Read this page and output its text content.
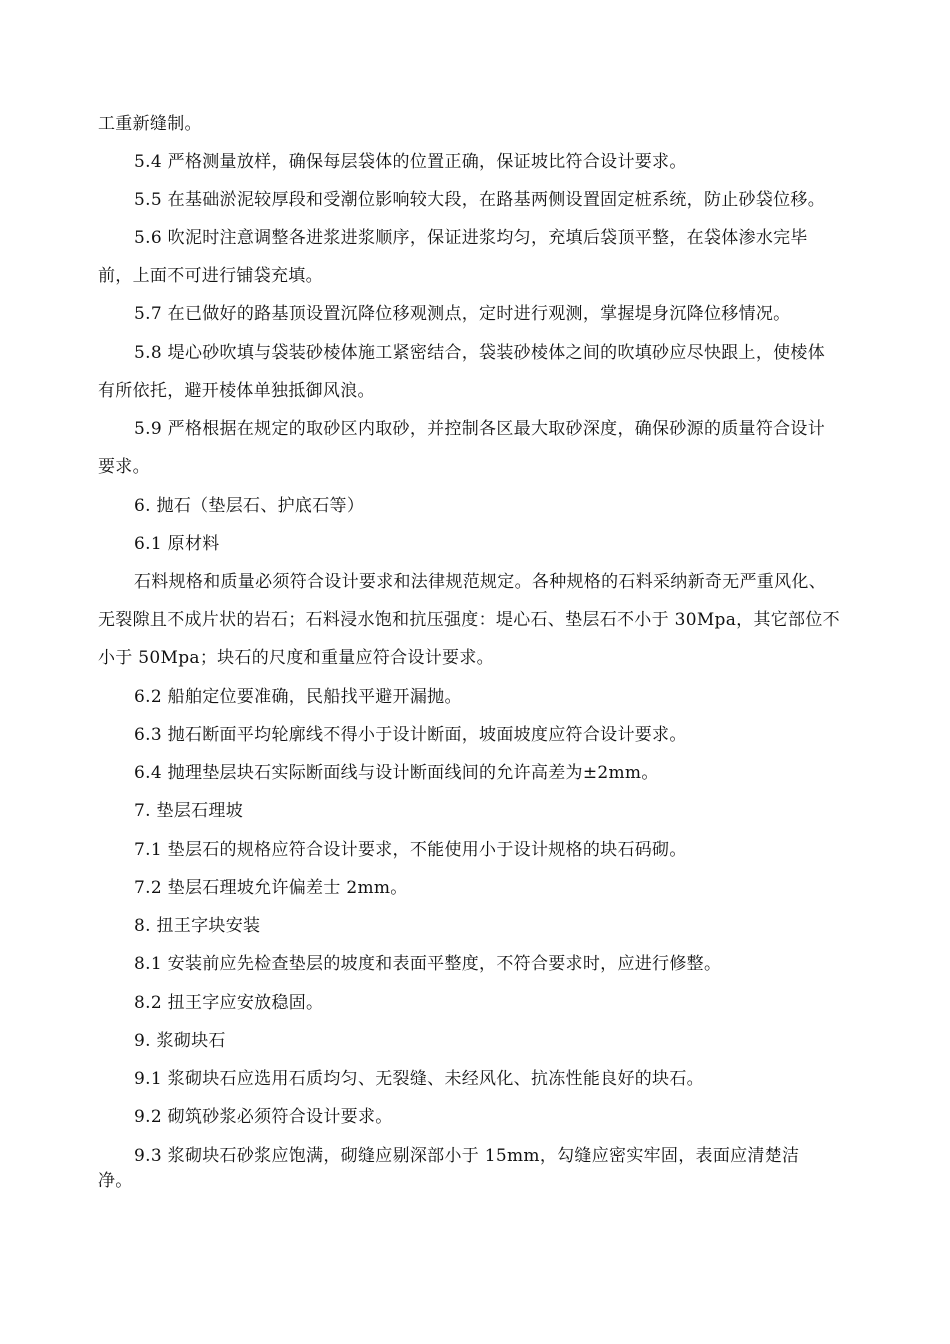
工重新缝制。
5.4 严格测量放样，确保每层袋体的位置正确，保证坡比符合设计要求。
5.5 在基础淤泥较厚段和受潮位影响较大段，在路基两侧设置固定桩系统，防止砂袋位移。
5.6 吹泥时注意调整各进浆进浆顺序，保证进浆均匀，充填后袋顶平整，在袋体渗水完毕
前，上面不可进行铺袋充填。
5.7 在已做好的路基顶设置沉降位移观测点，定时进行观测，掌握堤身沉降位移情况。
5.8 堤心砂吹填与袋装砂棱体施工紧密结合，袋装砂棱体之间的吹填砂应尽快跟上，使棱体
有所依托，避开棱体单独抵御风浪。
5.9 严格根据在规定的取砂区内取砂，并控制各区最大取砂深度，确保砂源的质量符合设计
要求。
6. 抛石（垫层石、护底石等）
6.1 原材料
石料规格和质量必须符合设计要求和法律规范规定。各种规格的石料采纳新奇无严重风化、
无裂隙且不成片状的岩石；石料浸水饱和抗压强度：堤心石、垫层石不小于 30Mpa，其它部位不
小于 50Mpa；块石的尺度和重量应符合设计要求。
6.2 船舶定位要准确，民船找平避开漏抛。
6.3 抛石断面平均轮廓线不得小于设计断面，坡面坡度应符合设计要求。
6.4 抛理垫层块石实际断面线与设计断面线间的允许高差为±2mm。
7. 垫层石理坡
7.1 垫层石的规格应符合设计要求，不能使用小于设计规格的块石码砌。
7.2 垫层石理坡允许偏差士 2mm。
8. 扭王字块安装
8.1 安装前应先检查垫层的坡度和表面平整度，不符合要求时，应进行修整。
8.2 扭王字应安放稳固。
9. 浆砌块石
9.1 浆砌块石应选用石质均匀、无裂缝、未经风化、抗冻性能良好的块石。
9.2 砌筑砂浆必须符合设计要求。
9.3 浆砌块石砂浆应饱满，砌缝应剔深部小于 15mm，勾缝应密实牢固，表面应清楚洁
净。
